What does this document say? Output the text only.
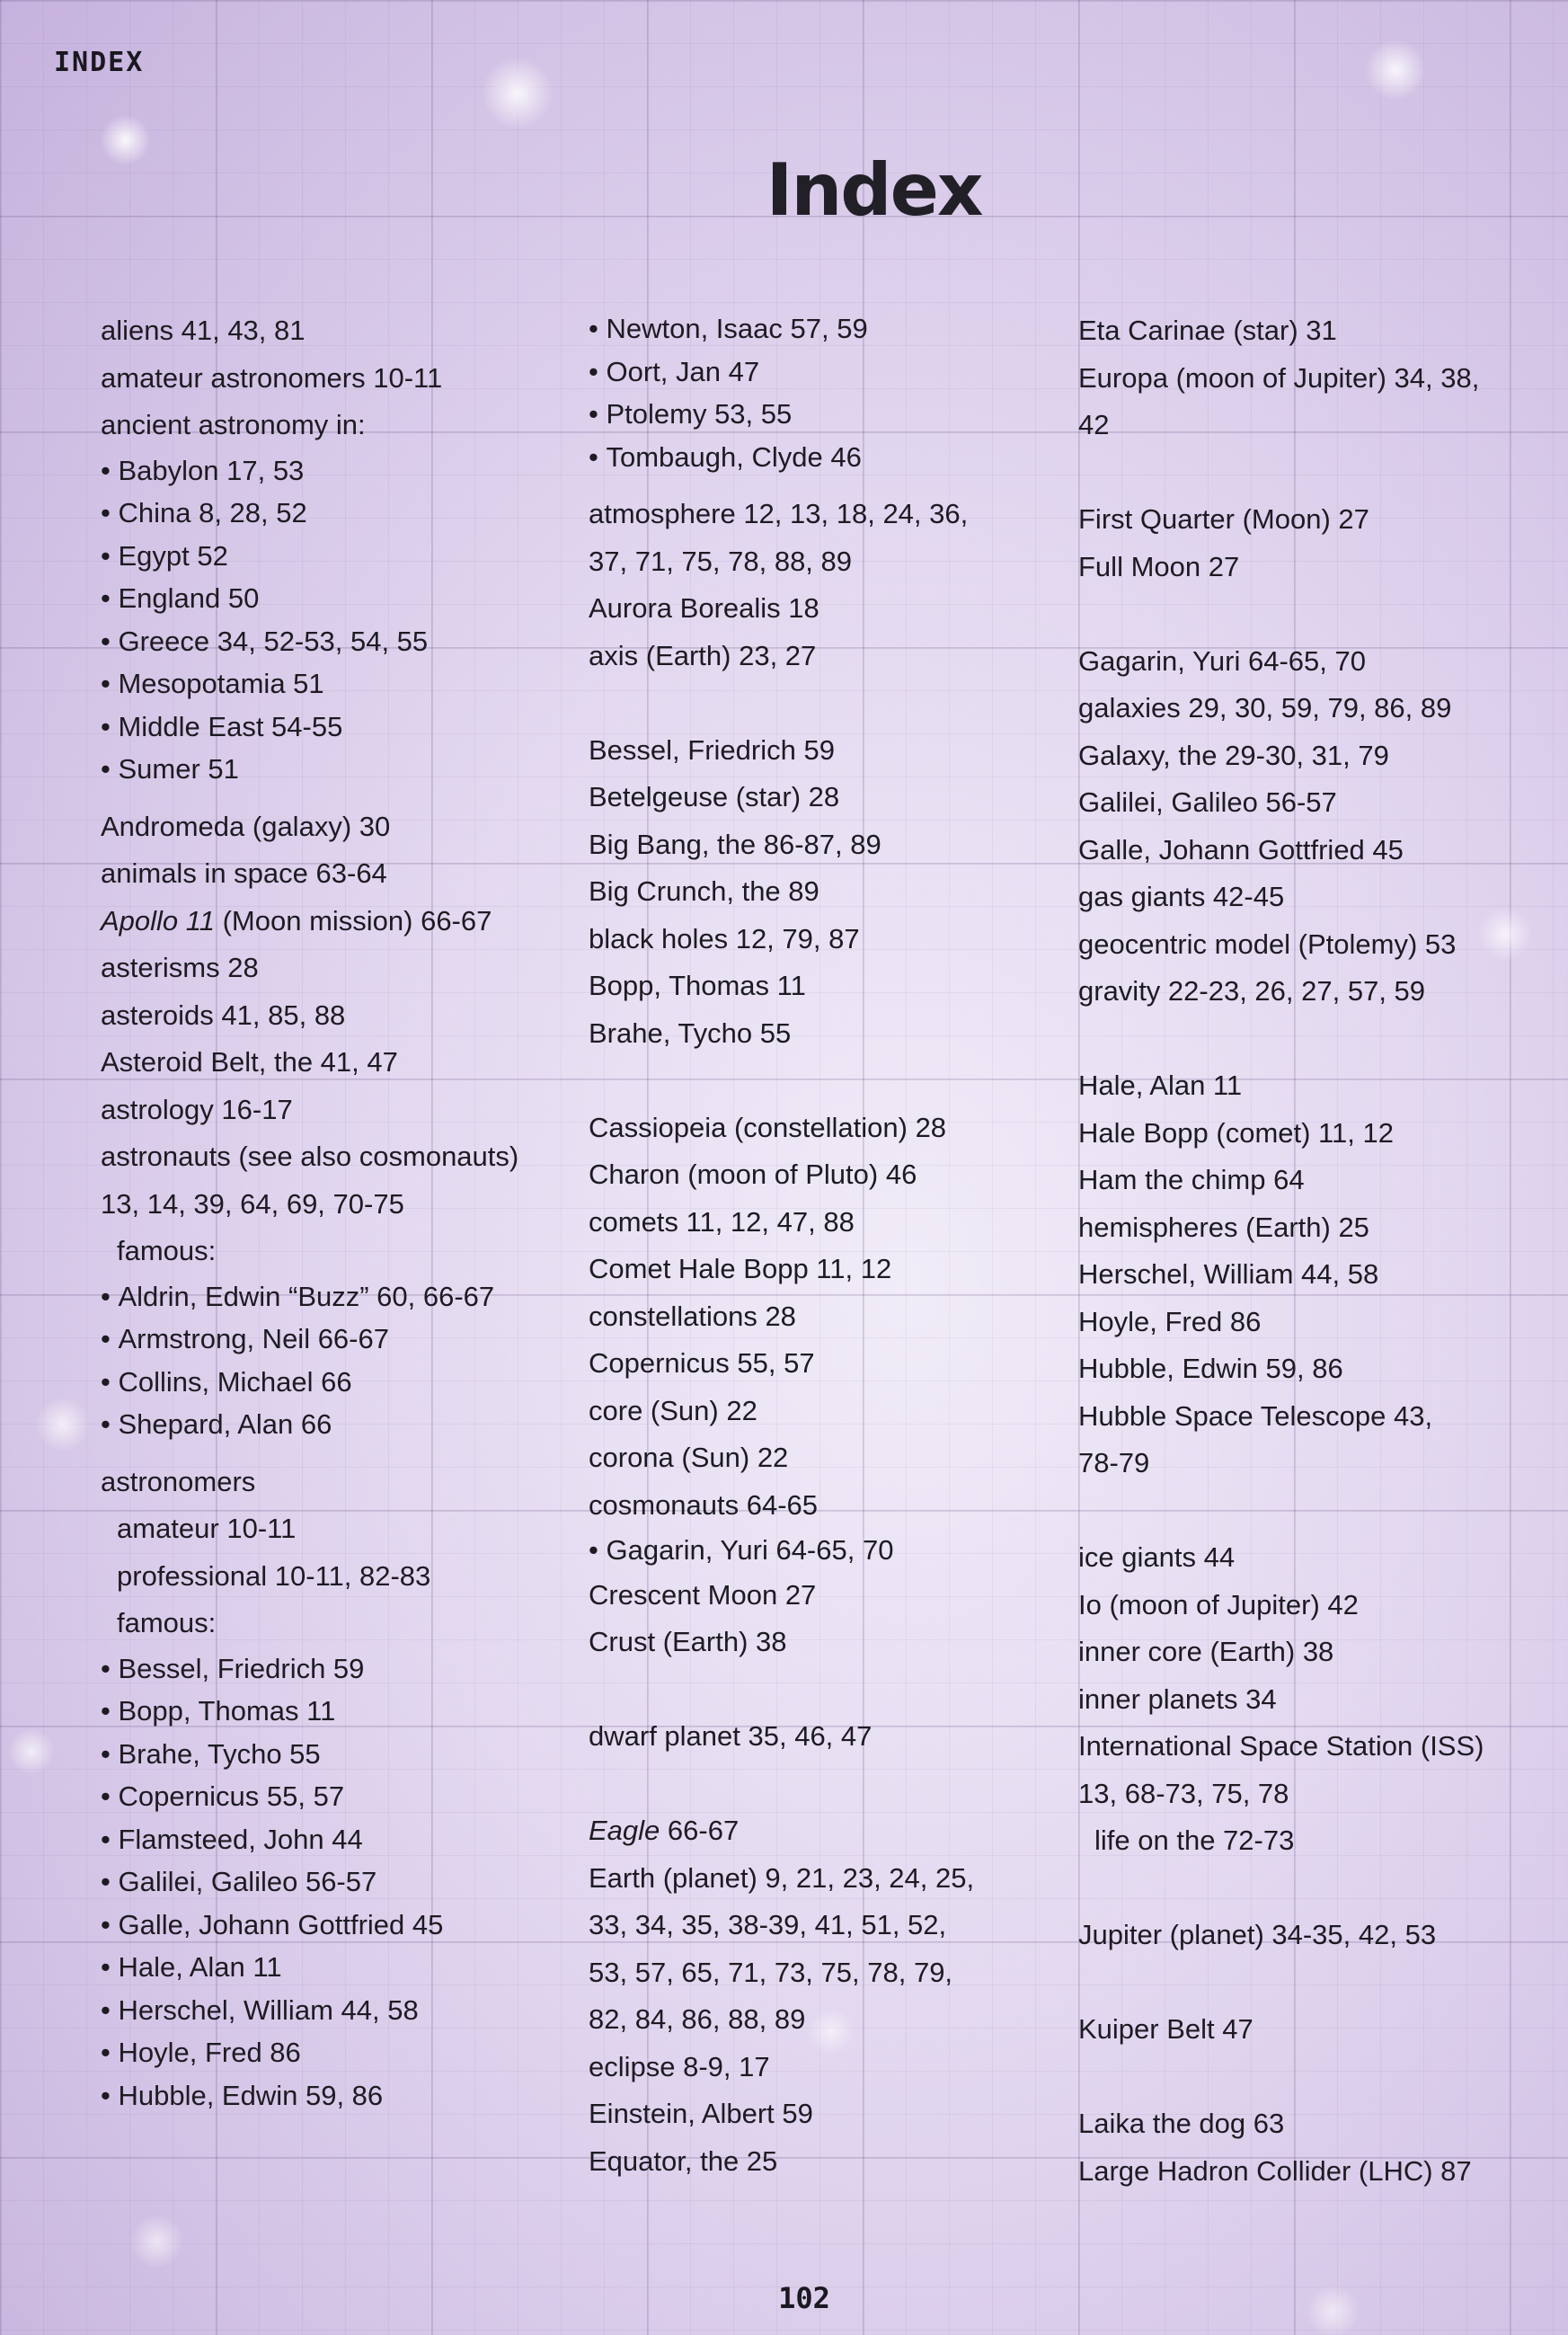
INDEX
Index
aliens 41, 43, 81
amateur astronomers 10-11
ancient astronomy in:
• Babylon 17, 53
• China 8, 28, 52
• Egypt 52
• England 50
• Greece 34, 52-53, 54, 55
• Mesopotamia 51
• Middle East 54-55
• Sumer 51
Andromeda (galaxy) 30
animals in space 63-64
Apollo 11 (Moon mission) 66-67
asterisms 28
asteroids 41, 85, 88
Asteroid Belt, the 41, 47
astrology 16-17
astronauts (see also cosmonauts)
13, 14, 39, 64, 69, 70-75
famous:
• Aldrin, Edwin “Buzz” 60, 66-67
• Armstrong, Neil 66-67
• Collins, Michael 66
• Shepard, Alan 66
astronomers
amateur 10-11
professional 10-11, 82-83
famous:
• Bessel, Friedrich 59
• Bopp, Thomas 11
• Brahe, Tycho 55
• Copernicus 55, 57
• Flamsteed, John 44
• Galilei, Galileo 56-57
• Galle, Johann Gottfried 45
• Hale, Alan 11
• Herschel, William 44, 58
• Hoyle, Fred 86
• Hubble, Edwin 59, 86
• Newton, Isaac 57, 59
• Oort, Jan 47
• Ptolemy 53, 55
• Tombaugh, Clyde 46
atmosphere 12, 13, 18, 24, 36,
37, 71, 75, 78, 88, 89
Aurora Borealis 18
axis (Earth) 23, 27
Bessel, Friedrich 59
Betelgeuse (star) 28
Big Bang, the 86-87, 89
Big Crunch, the 89
black holes 12, 79, 87
Bopp, Thomas 11
Brahe, Tycho 55
Cassiopeia (constellation) 28
Charon (moon of Pluto) 46
comets 11, 12, 47, 88
Comet Hale Bopp 11, 12
constellations 28
Copernicus 55, 57
core (Sun) 22
corona (Sun) 22
cosmonauts 64-65
• Gagarin, Yuri 64-65, 70
Crescent Moon 27
Crust (Earth) 38
dwarf planet 35, 46, 47
Eagle 66-67
Earth (planet) 9, 21, 23, 24, 25,
33, 34, 35, 38-39, 41, 51, 52,
53, 57, 65, 71, 73, 75, 78, 79,
82, 84, 86, 88, 89
eclipse 8-9, 17
Einstein, Albert 59
Equator, the 25
Eta Carinae (star) 31
Europa (moon of Jupiter) 34, 38,
42
First Quarter (Moon) 27
Full Moon 27
Gagarin, Yuri 64-65, 70
galaxies 29, 30, 59, 79, 86, 89
Galaxy, the 29-30, 31, 79
Galilei, Galileo 56-57
Galle, Johann Gottfried 45
gas giants 42-45
geocentric model (Ptolemy) 53
gravity 22-23, 26, 27, 57, 59
Hale, Alan 11
Hale Bopp (comet) 11, 12
Ham the chimp 64
hemispheres (Earth) 25
Herschel, William 44, 58
Hoyle, Fred 86
Hubble, Edwin 59, 86
Hubble Space Telescope 43,
78-79
ice giants 44
Io (moon of Jupiter) 42
inner core (Earth) 38
inner planets 34
International Space Station (ISS)
13, 68-73, 75, 78
life on the 72-73
Jupiter (planet) 34-35, 42, 53
Kuiper Belt 47
Laika the dog 63
Large Hadron Collider (LHC) 87
102
